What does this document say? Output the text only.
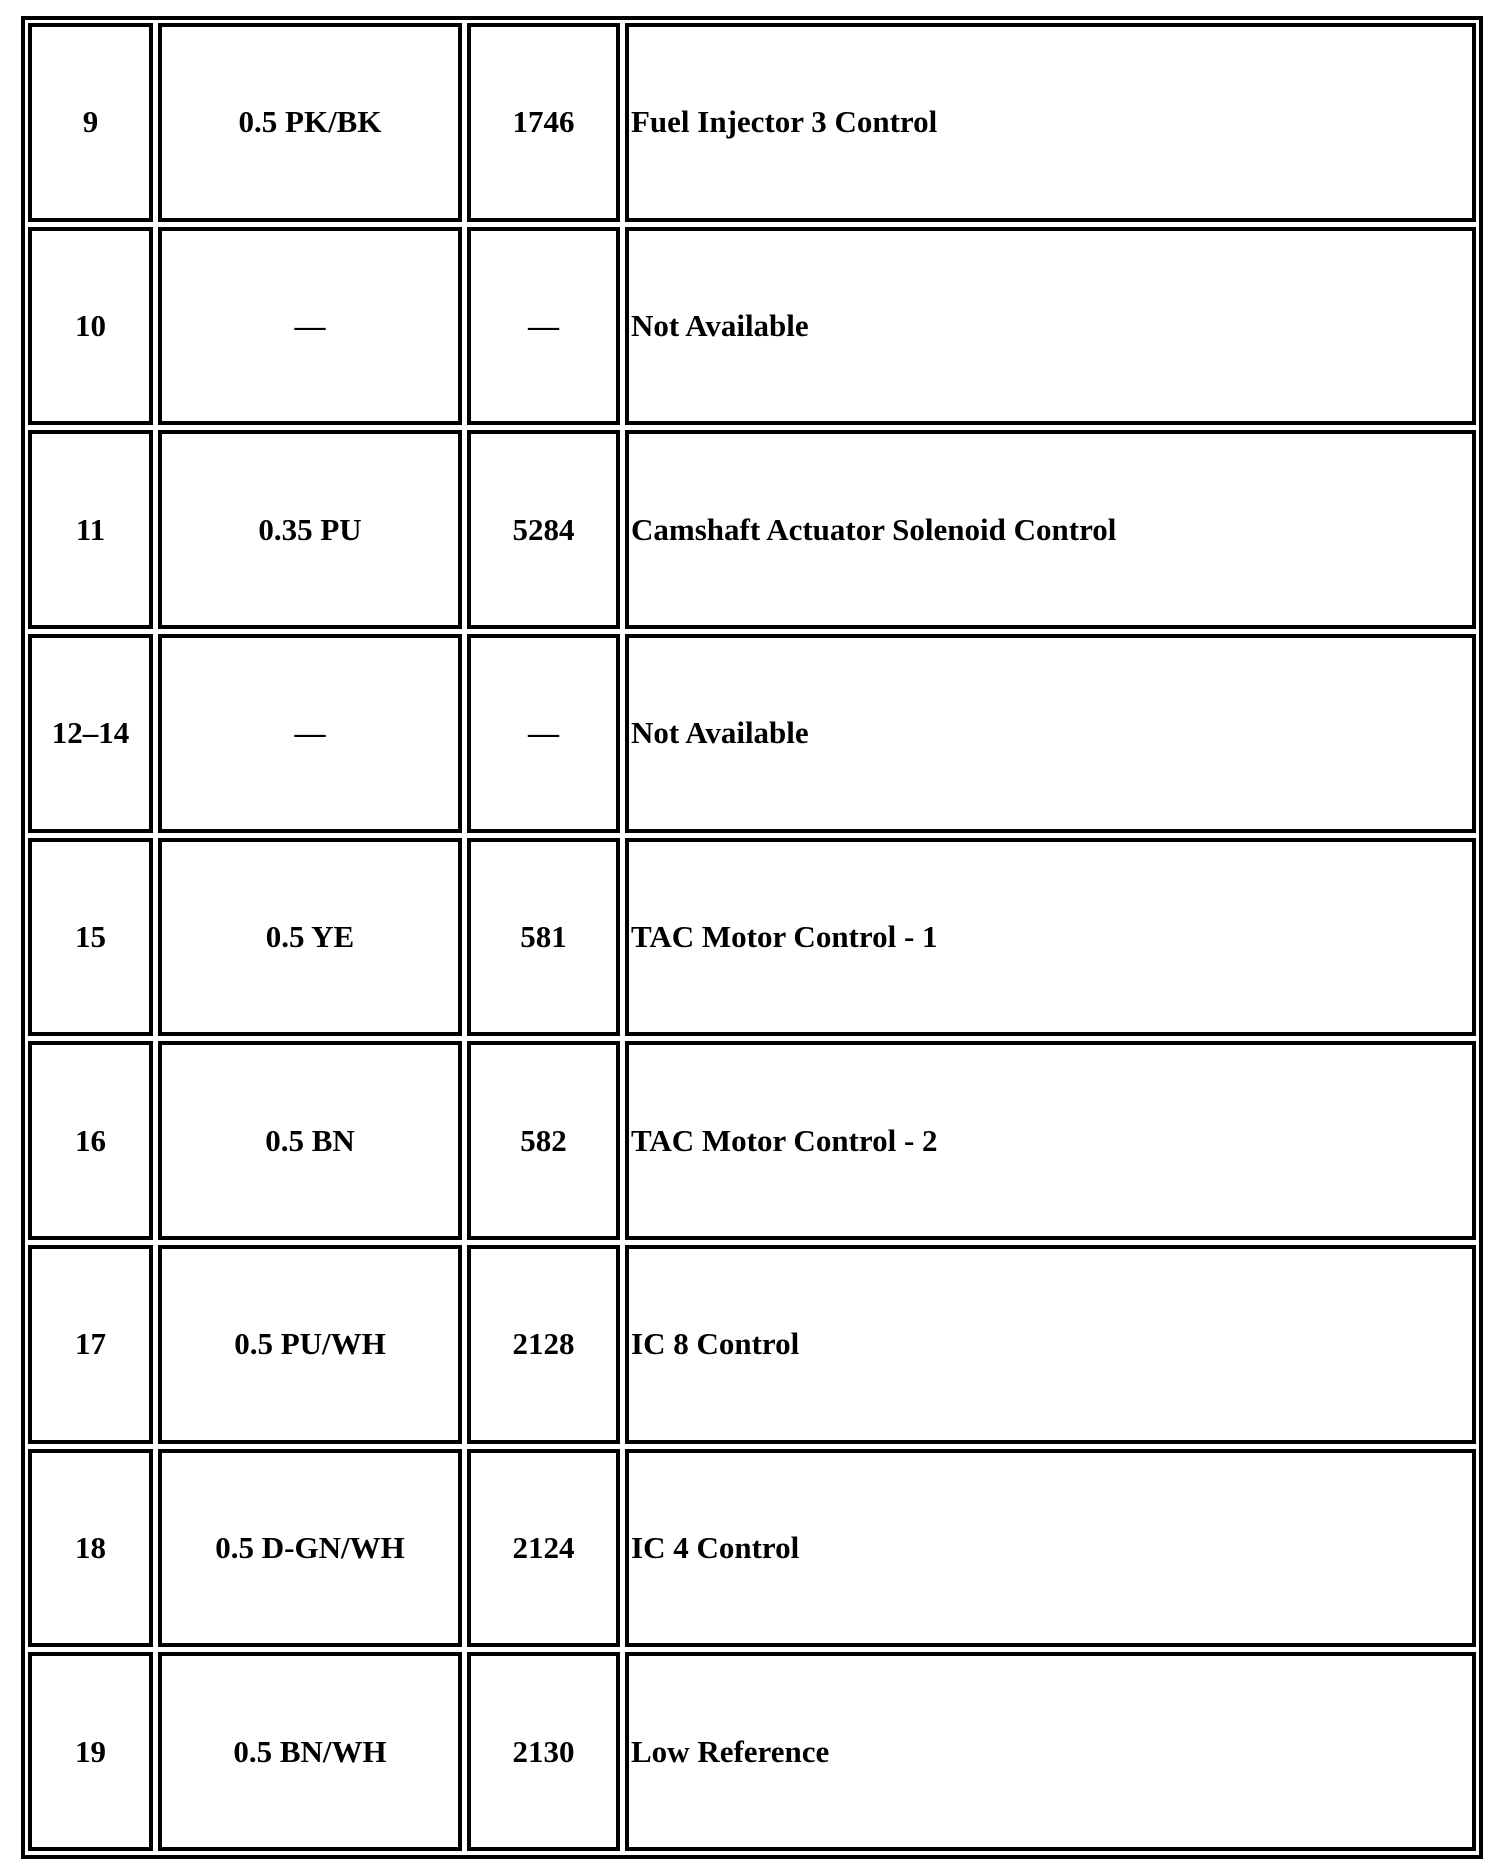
9	0.5 PK/BK	1746	Fuel Injector 3 Control
10	—	—	Not Available
11	0.35 PU	5284	Camshaft Actuator Solenoid Control
12–14	—	—	Not Available
15	0.5 YE	581	TAC Motor Control - 1
16	0.5 BN	582	TAC Motor Control - 2
17	0.5 PU/WH	2128	IC 8 Control
18	0.5 D-GN/WH	2124	IC 4 Control
19	0.5 BN/WH	2130	Low Reference
